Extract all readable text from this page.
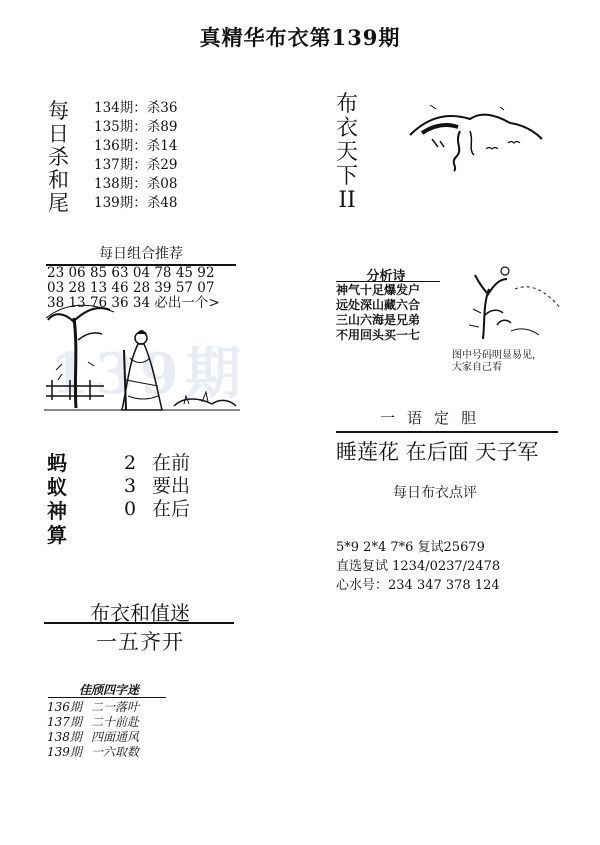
真精华布衣第139期
每
日
杀
和
尾
134期：杀36
135期：杀89
136期：杀14
137期：杀29
138期：杀08
139期：杀48
每日组合推荐
23 06 85 63 04 78 45 92
03 28 13 46 28 39 57 07
38 13 76 36 34 必出一个>
139期
蚂
蚁
神
算
2 在前
3 要出
0 在后
布衣和值迷
一五齐开
佳颀四字迷
136期 二一落叶
137期 二十前赴
138期 四面通风
139期 一六取数
布
衣
天
下
II
分析诗
神气十足爆发户
远处深山藏六合
三山六海是兄弟
不用回头买一七
图中号码明显易见，
大家自己看
一语定胆
睡莲花 在后面 天子军
每日布衣点评
5*9 2*4 7*6 复试25679
直选复试 1234/0237/2478
心水号：234 347 378 124
